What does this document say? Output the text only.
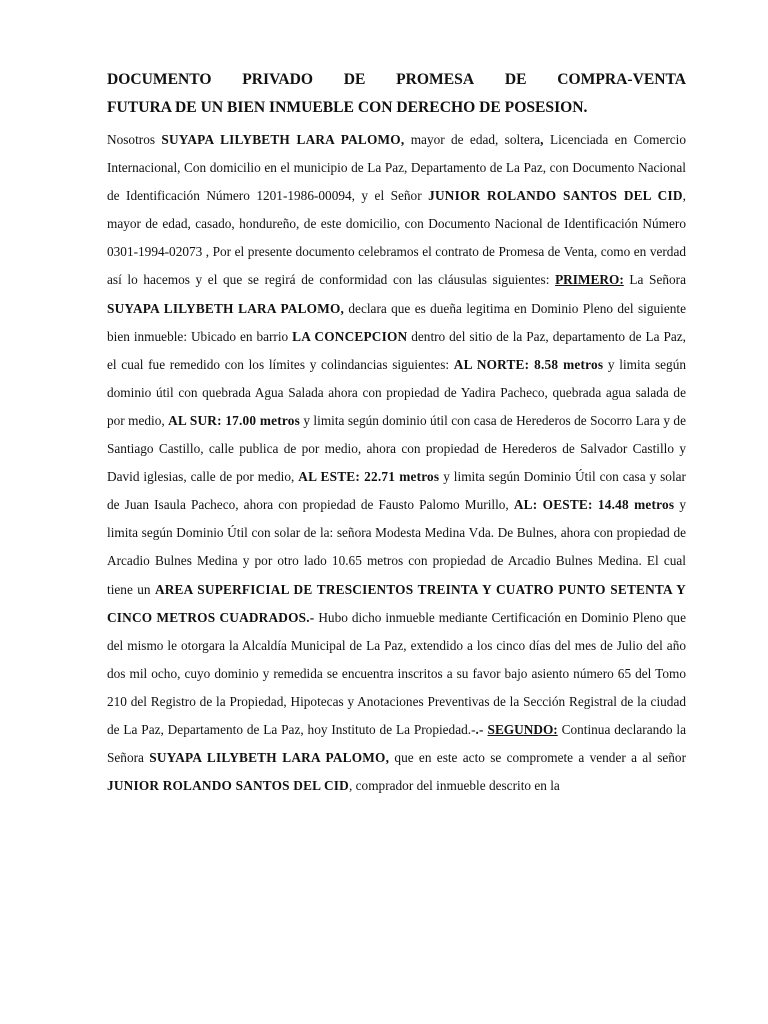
DOCUMENTO PRIVADO DE PROMESA DE COMPRA-VENTA
FUTURA DE UN BIEN INMUEBLE CON DERECHO DE POSESION.

Nosotros SUYAPA LILYBETH LARA PALOMO, mayor de edad, soltera, Licenciada en Comercio Internacional, Con domicilio en el municipio de La Paz, Departamento de La Paz, con Documento Nacional de Identificación Número 1201-1986-00094, y el Señor JUNIOR ROLANDO SANTOS DEL CID, mayor de edad, casado, hondureño, de este domicilio, con Documento Nacional de Identificación Número 0301-1994-02073 , Por el presente documento celebramos el contrato de Promesa de Venta, como en verdad así lo hacemos y el que se regirá de conformidad con las cláusulas siguientes: PRIMERO: La Señora SUYAPA LILYBETH LARA PALOMO, declara que es dueña legitima en Dominio Pleno del siguiente bien inmueble: Ubicado en barrio LA CONCEPCION dentro del sitio de la Paz, departamento de La Paz, el cual fue remedido con los límites y colindancias siguientes: AL NORTE: 8.58 metros y limita según dominio útil con quebrada Agua Salada ahora con propiedad de Yadira Pacheco, quebrada agua salada de por medio, AL SUR: 17.00 metros y limita según dominio útil con casa de Herederos de Socorro Lara y de Santiago Castillo, calle publica de por medio, ahora con propiedad de Herederos de Salvador Castillo y David iglesias, calle de por medio, AL ESTE: 22.71 metros y limita según Dominio Útil con casa y solar de Juan Isaula Pacheco, ahora con propiedad de Fausto Palomo Murillo, AL: OESTE: 14.48 metros y limita según Dominio Útil con solar de la: señora Modesta Medina Vda. De Bulnes, ahora con propiedad de Arcadio Bulnes Medina y por otro lado 10.65 metros con propiedad de Arcadio Bulnes Medina. El cual tiene un AREA SUPERFICIAL DE TRESCIENTOS TREINTA Y CUATRO PUNTO SETENTA Y CINCO METROS CUADRADOS.- Hubo dicho inmueble mediante Certificación en Dominio Pleno que del mismo le otorgara la Alcaldía Municipal de La Paz, extendido a los cinco días del mes de Julio del año dos mil ocho, cuyo dominio y remedida se encuentra inscritos a su favor bajo asiento número 65 del Tomo 210 del Registro de la Propiedad, Hipotecas y Anotaciones Preventivas de la Sección Registral de la ciudad de La Paz, Departamento de La Paz, hoy Instituto de La Propiedad.-.- SEGUNDO: Continua declarando la Señora SUYAPA LILYBETH LARA PALOMO, que en este acto se compromete a vender a al señor JUNIOR ROLANDO SANTOS DEL CID, comprador del inmueble descrito en la
